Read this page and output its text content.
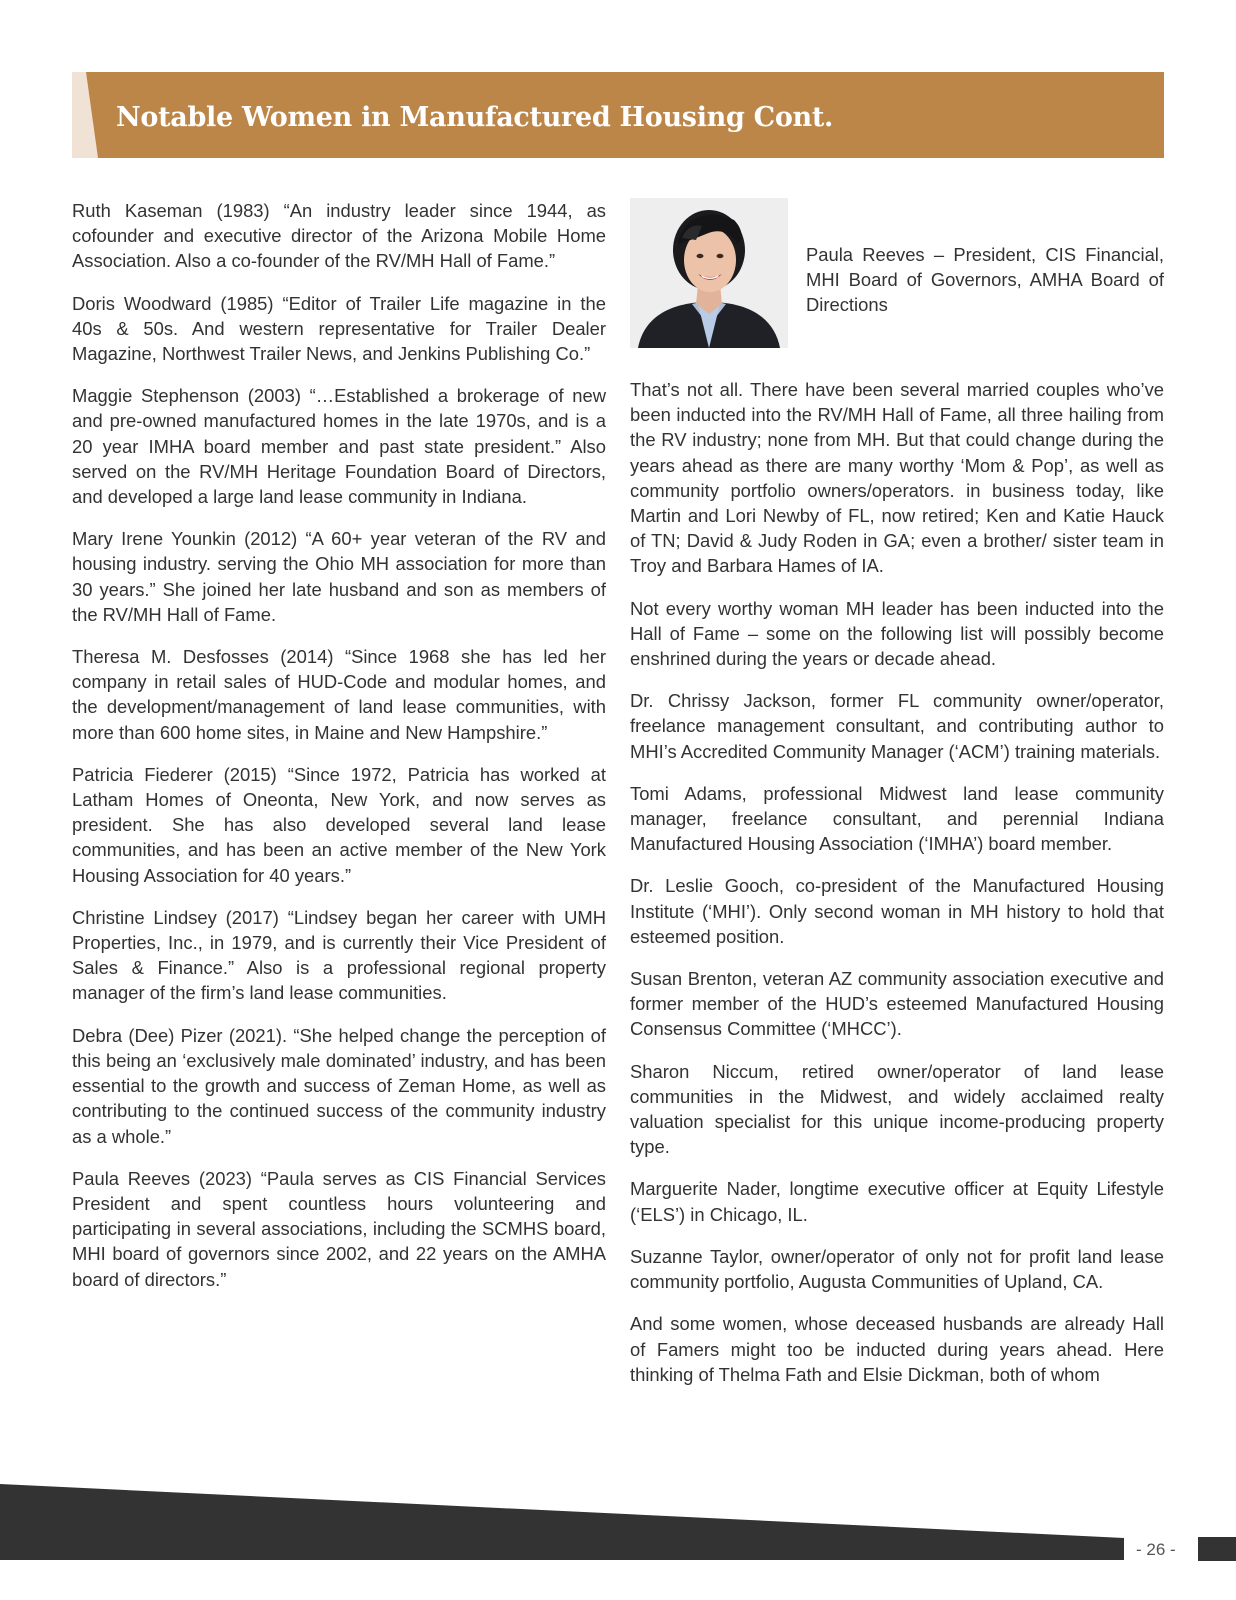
Notable Women in Manufactured Housing Cont.

Ruth Kaseman (1983) “An industry leader since 1944, as cofounder and executive director of the Arizona Mobile Home Association. Also a co-founder of the RV/MH Hall of Fame.”

Doris Woodward (1985) “Editor of Trailer Life magazine in the 40s & 50s. And western representative for Trailer Dealer Magazine, Northwest Trailer News, and Jenkins Publishing Co.”

Maggie Stephenson (2003) “…Established a brokerage of new and pre-owned manufactured homes in the late 1970s, and is a 20 year IMHA board member and past state president.” Also served on the RV/MH Heritage Foundation Board of Directors, and developed a large land lease community in Indiana.

Mary Irene Younkin (2012) “A 60+ year veteran of the RV and housing industry. serving the Ohio MH association for more than 30 years.” She joined her late husband and son as members of the RV/MH Hall of Fame.

Theresa M. Desfosses (2014) “Since 1968 she has led her company in retail sales of HUD-Code and modular homes, and the development/management of land lease communities, with more than 600 home sites, in Maine and New Hampshire.”

Patricia Fiederer (2015) “Since 1972, Patricia has worked at Latham Homes of Oneonta, New York, and now serves as president. She has also developed several land lease communities, and has been an active member of the New York Housing Association for 40 years.”

Christine Lindsey (2017) “Lindsey began her career with UMH Properties, Inc., in 1979, and is currently their Vice President of Sales & Finance.” Also is a professional regional property manager of the firm’s land lease communities.

Debra (Dee) Pizer (2021). “She helped change the perception of this being an ‘exclusively male dominated’ industry, and has been essential to the growth and success of Zeman Home, as well as contributing to the continued success of the community industry as a whole.”

Paula Reeves (2023) “Paula serves as CIS Financial Services President and spent countless hours volunteering and participating in several associations, including the SCMHS board, MHI board of governors since 2002, and 22 years on the AMHA board of directors.”

Paula Reeves – President, CIS Financial, MHI Board of Governors, AMHA Board of Directions

That’s not all. There have been several married couples who’ve been inducted into the RV/MH Hall of Fame, all three hailing from the RV industry; none from MH. But that could change during the years ahead as there are many worthy ‘Mom & Pop’, as well as community portfolio owners/operators. in business today, like Martin and Lori Newby of FL, now retired; Ken and Katie Hauck of TN; David & Judy Roden in GA; even a brother/ sister team in Troy and Barbara Hames of IA.

Not every worthy woman MH leader has been inducted into the Hall of Fame – some on the following list will possibly become enshrined during the years or decade ahead.

Dr. Chrissy Jackson, former FL community owner/operator, freelance management consultant, and contributing author to MHI’s Accredited Community Manager (‘ACM’) training materials.

Tomi Adams, professional Midwest land lease community manager, freelance consultant, and perennial Indiana Manufactured Housing Association (‘IMHA’) board member.

Dr. Leslie Gooch, co-president of the Manufactured Housing Institute (‘MHI’). Only second woman in MH history to hold that esteemed position.

Susan Brenton, veteran AZ community association executive and former member of the HUD’s esteemed Manufactured Housing Consensus Committee (‘MHCC’).

Sharon Niccum, retired owner/operator of land lease communities in the Midwest, and widely acclaimed realty valuation specialist for this unique income-producing property type.

Marguerite Nader, longtime executive officer at Equity Lifestyle (‘ELS’) in Chicago, IL.

Suzanne Taylor, owner/operator of only not for profit land lease community portfolio, Augusta Communities of Upland, CA.

And some women, whose deceased husbands are already Hall of Famers might too be inducted during years ahead. Here thinking of Thelma Fath and Elsie Dickman, both of whom

- 26 -
